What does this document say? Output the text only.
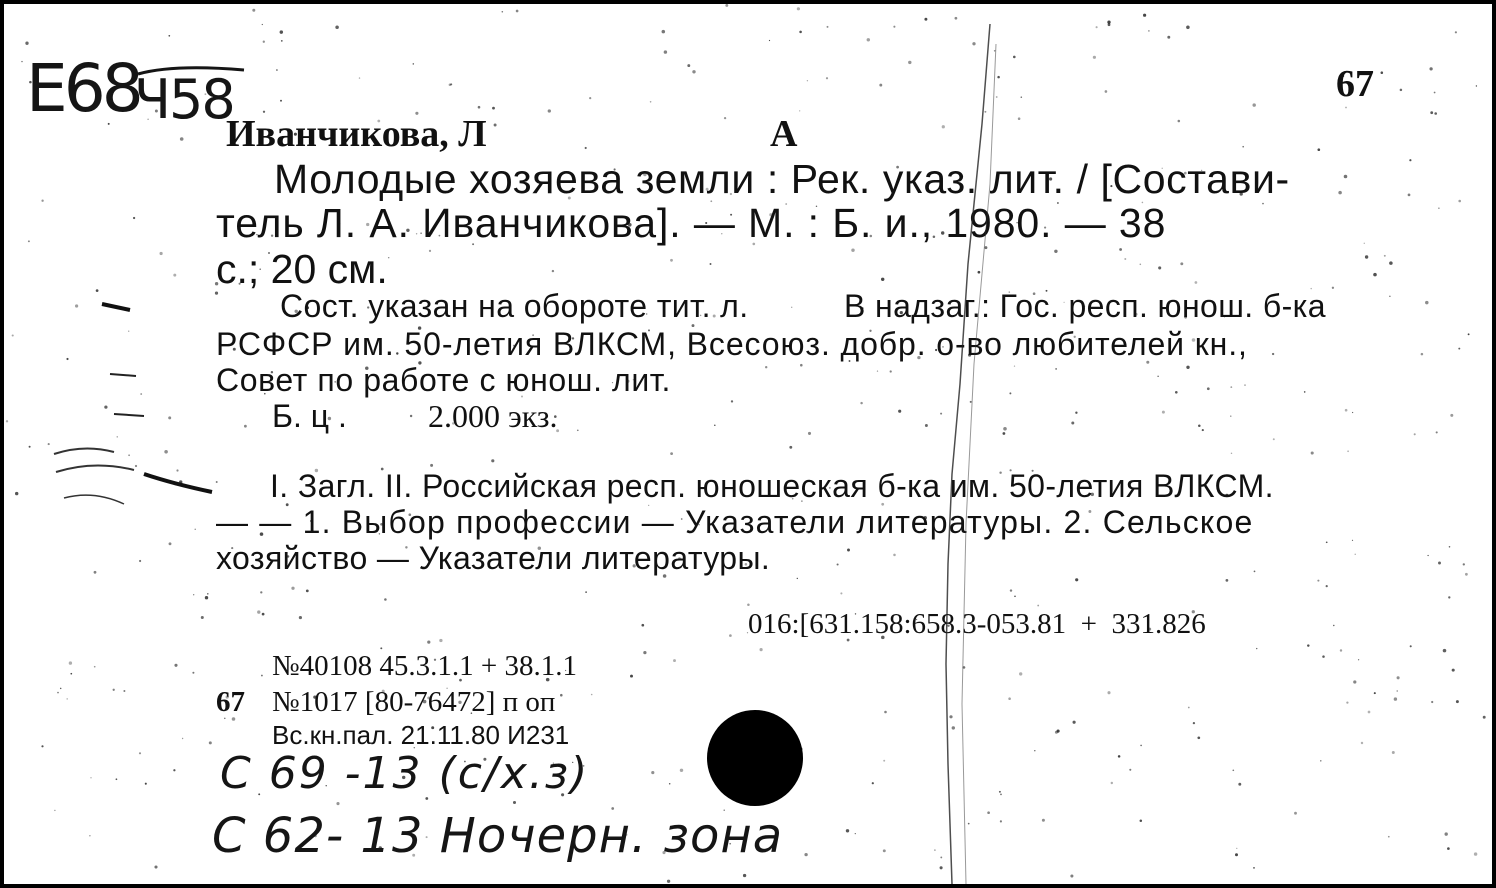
Е68
Ч58	67
Иванчикова, Л	А
Молодые хозяева земли : Рек. указ. лит. / [Состави-
тель Л. А. Иванчикова]. — М. : Б. и., 1980. — 38
с.; 20 см.
Сост. указан на обороте тит. л.	В надзаг.: Гос. респ. юнош. б-ка
РСФСР им. 50-летия ВЛКСМ, Всесоюз. добр. о-во любителей кн.,
Совет по работе с юнош. лит.
Б. ц .	2.000 экз.
I. Загл. II. Российская респ. юношеская б-ка им. 50-летия ВЛКСМ.
— — 1. Выбор профессии — Указатели литературы. 2. Сельское
хозяйство — Указатели литературы.
016:[631.158:658.3-053.81  +  331.826
№40108 45.3.1.1 + 38.1.1
67 №1017 [80-76472] п оп
Вс.кн.пал. 21.11.80 И231
С 69 -13 (с/х.з)
С 62- 13 Hочерн. зона
